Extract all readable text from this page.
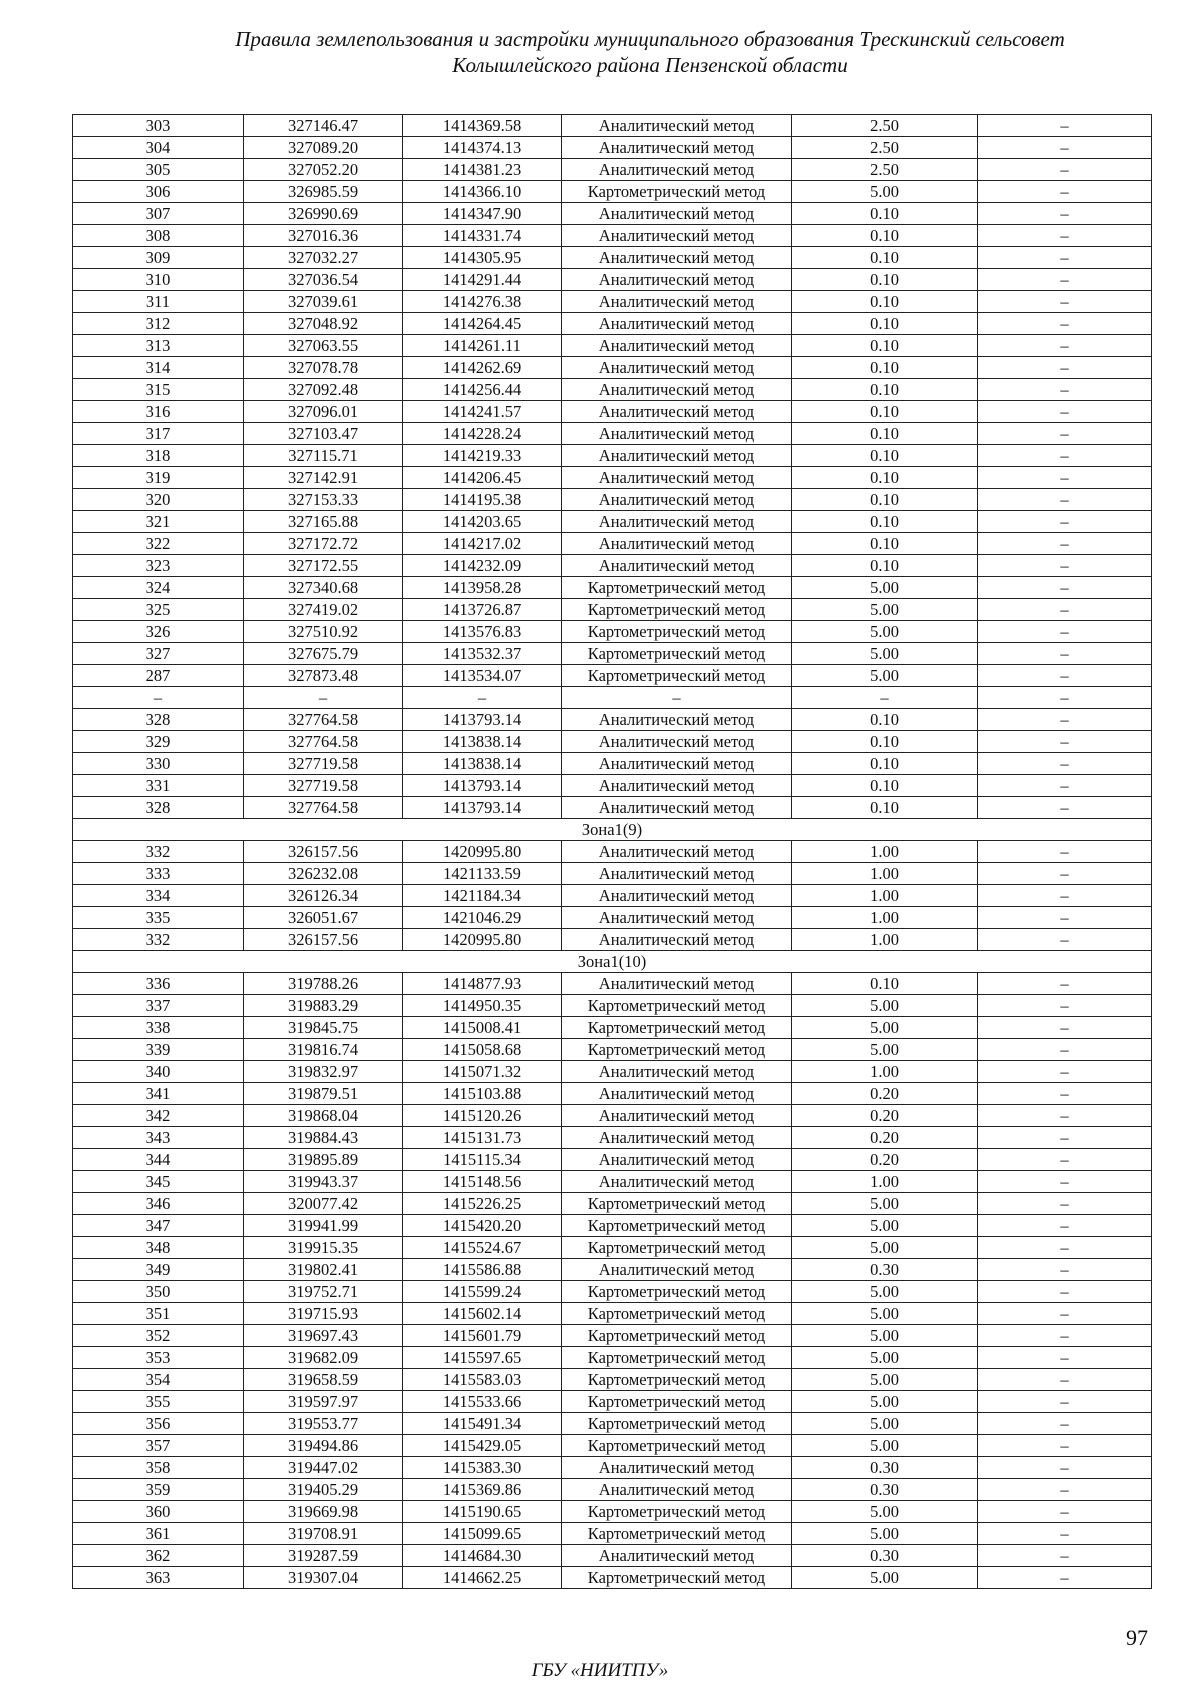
Правила землепользования и застройки муниципального образования Трескинский сельсовет
Колышлейского района Пензенской области
303	327146.47	1414369.58	Аналитический метод	2.50	–
304	327089.20	1414374.13	Аналитический метод	2.50	–
305	327052.20	1414381.23	Аналитический метод	2.50	–
306	326985.59	1414366.10	Картометрический метод	5.00	–
307	326990.69	1414347.90	Аналитический метод	0.10	–
308	327016.36	1414331.74	Аналитический метод	0.10	–
309	327032.27	1414305.95	Аналитический метод	0.10	–
310	327036.54	1414291.44	Аналитический метод	0.10	–
311	327039.61	1414276.38	Аналитический метод	0.10	–
312	327048.92	1414264.45	Аналитический метод	0.10	–
313	327063.55	1414261.11	Аналитический метод	0.10	–
314	327078.78	1414262.69	Аналитический метод	0.10	–
315	327092.48	1414256.44	Аналитический метод	0.10	–
316	327096.01	1414241.57	Аналитический метод	0.10	–
317	327103.47	1414228.24	Аналитический метод	0.10	–
318	327115.71	1414219.33	Аналитический метод	0.10	–
319	327142.91	1414206.45	Аналитический метод	0.10	–
320	327153.33	1414195.38	Аналитический метод	0.10	–
321	327165.88	1414203.65	Аналитический метод	0.10	–
322	327172.72	1414217.02	Аналитический метод	0.10	–
323	327172.55	1414232.09	Аналитический метод	0.10	–
324	327340.68	1413958.28	Картометрический метод	5.00	–
325	327419.02	1413726.87	Картометрический метод	5.00	–
326	327510.92	1413576.83	Картометрический метод	5.00	–
327	327675.79	1413532.37	Картометрический метод	5.00	–
287	327873.48	1413534.07	Картометрический метод	5.00	–
–	–	–	–	–	–
328	327764.58	1413793.14	Аналитический метод	0.10	–
329	327764.58	1413838.14	Аналитический метод	0.10	–
330	327719.58	1413838.14	Аналитический метод	0.10	–
331	327719.58	1413793.14	Аналитический метод	0.10	–
328	327764.58	1413793.14	Аналитический метод	0.10	–
Зона1(9)					
332	326157.56	1420995.80	Аналитический метод	1.00	–
333	326232.08	1421133.59	Аналитический метод	1.00	–
334	326126.34	1421184.34	Аналитический метод	1.00	–
335	326051.67	1421046.29	Аналитический метод	1.00	–
332	326157.56	1420995.80	Аналитический метод	1.00	–
Зона1(10)					
336	319788.26	1414877.93	Аналитический метод	0.10	–
337	319883.29	1414950.35	Картометрический метод	5.00	–
338	319845.75	1415008.41	Картометрический метод	5.00	–
339	319816.74	1415058.68	Картометрический метод	5.00	–
340	319832.97	1415071.32	Аналитический метод	1.00	–
341	319879.51	1415103.88	Аналитический метод	0.20	–
342	319868.04	1415120.26	Аналитический метод	0.20	–
343	319884.43	1415131.73	Аналитический метод	0.20	–
344	319895.89	1415115.34	Аналитический метод	0.20	–
345	319943.37	1415148.56	Аналитический метод	1.00	–
346	320077.42	1415226.25	Картометрический метод	5.00	–
347	319941.99	1415420.20	Картометрический метод	5.00	–
348	319915.35	1415524.67	Картометрический метод	5.00	–
349	319802.41	1415586.88	Аналитический метод	0.30	–
350	319752.71	1415599.24	Картометрический метод	5.00	–
351	319715.93	1415602.14	Картометрический метод	5.00	–
352	319697.43	1415601.79	Картометрический метод	5.00	–
353	319682.09	1415597.65	Картометрический метод	5.00	–
354	319658.59	1415583.03	Картометрический метод	5.00	–
355	319597.97	1415533.66	Картометрический метод	5.00	–
356	319553.77	1415491.34	Картометрический метод	5.00	–
357	319494.86	1415429.05	Картометрический метод	5.00	–
358	319447.02	1415383.30	Аналитический метод	0.30	–
359	319405.29	1415369.86	Аналитический метод	0.30	–
360	319669.98	1415190.65	Картометрический метод	5.00	–
361	319708.91	1415099.65	Картометрический метод	5.00	–
362	319287.59	1414684.30	Аналитический метод	0.30	–
363	319307.04	1414662.25	Картометрический метод	5.00	–
97
ГБУ «НИИТПУ»
